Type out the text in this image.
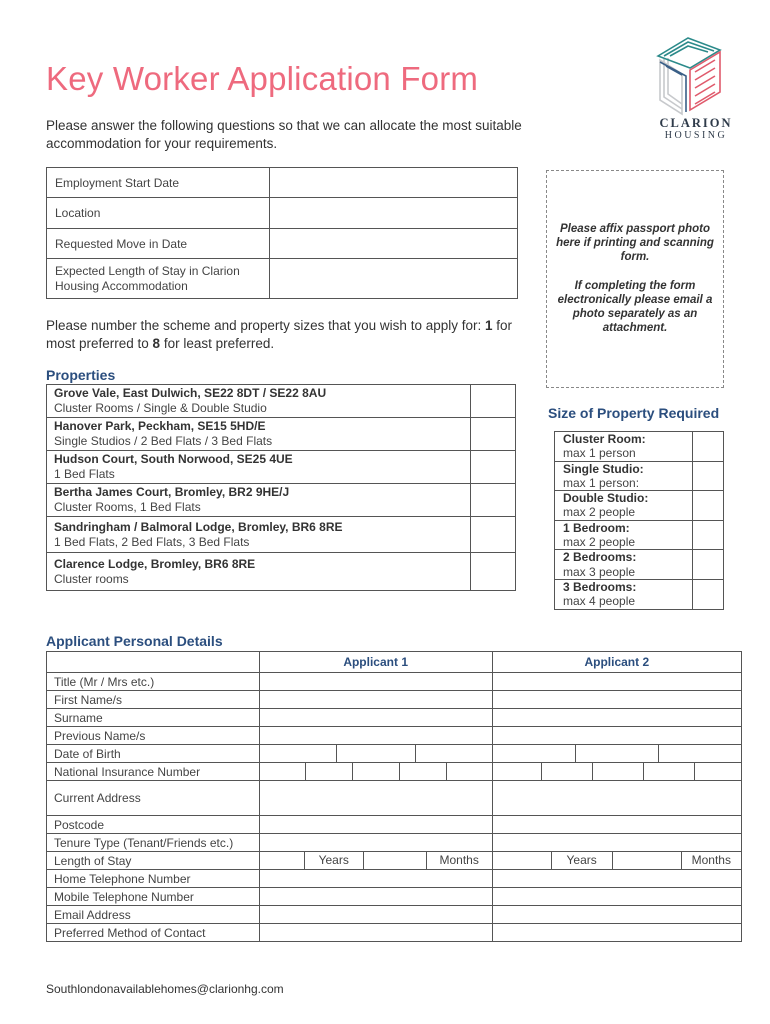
Key Worker Application Form
Please answer the following questions so that we can allocate the most suitable accommodation for your requirements.
CLARION
HOUSING
Employment Start Date	
Location	
Requested Move in Date	
Expected Length of Stay in Clarion Housing Accommodation	
Please affix passport photo here if printing and scanning form.
If completing the form electronically please email a photo separately as an attachment.
Please number the scheme and property sizes that you wish to apply for: 1 for most preferred to 8 for least preferred.
Properties
Grove Vale, East Dulwich, SE22 8DT / SE22 8AU
Cluster Rooms / Single & Double Studio	

Hanover Park, Peckham, SE15 5HD/E
Single Studios / 2 Bed Flats / 3 Bed Flats	

Hudson Court, South Norwood, SE25 4UE
1 Bed Flats	

Bertha James Court, Bromley, BR2 9HE/J
Cluster Rooms, 1 Bed Flats	

Sandringham / Balmoral Lodge, Bromley, BR6 8RE
1 Bed Flats, 2 Bed Flats, 3 Bed Flats	

Clarence Lodge, Bromley, BR6 8RE
Cluster rooms	
Size of Property Required
Cluster Room:
max 1 person	

Single Studio:
max 1 person:	

Double Studio:
max 2 people	

1 Bedroom:
max 2 people	

2 Bedrooms:
max 3 people	

3 Bedrooms:
max 4 people	
Applicant Personal Details
	Applicant 1	Applicant 2
Title (Mr / Mrs etc.)		
First Name/s		
Surname		
Previous Name/s		
Date of Birth	

National Insurance Number	

Current Address		
Postcode		
Tenure Type (Tenant/Friends etc.)		
Length of Stay	Years Months	Years Months

Home Telephone Number		
Mobile Telephone Number		
Email Address		
Preferred Method of Contact		
Southlondonavailablehomes@clarionhg.com
